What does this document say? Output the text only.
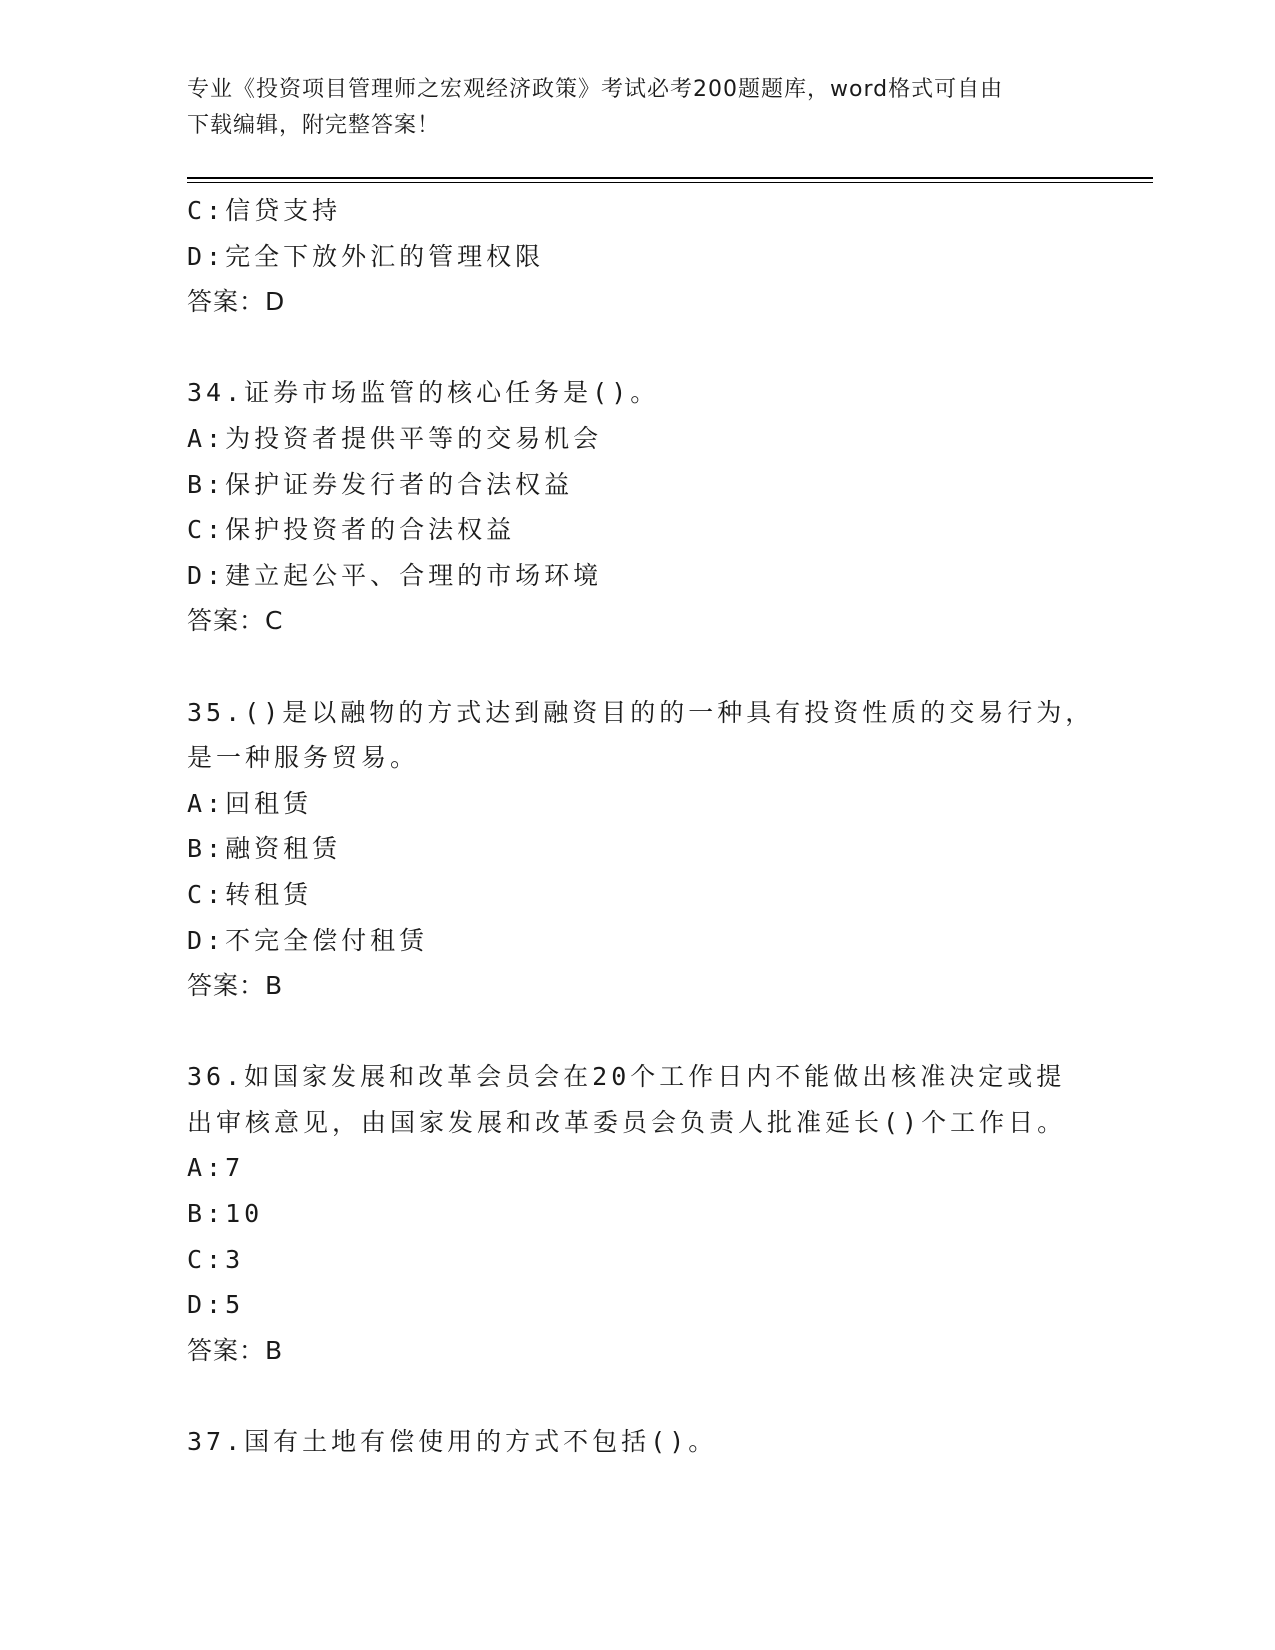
专业《投资项目管理师之宏观经济政策》考试必考200题题库，word格式可自由
下载编辑，附完整答案！
C:信贷支持
D:完全下放外汇的管理权限
答案：D
34.证券市场监管的核心任务是()。
A:为投资者提供平等的交易机会
B:保护证券发行者的合法权益
C:保护投资者的合法权益
D:建立起公平、合理的市场环境
答案：C
35.()是以融物的方式达到融资目的的一种具有投资性质的交易行为，
是一种服务贸易。
A:回租赁
B:融资租赁
C:转租赁
D:不完全偿付租赁
答案：B
36.如国家发展和改革会员会在20个工作日内不能做出核准决定或提
出审核意见，由国家发展和改革委员会负责人批准延长()个工作日。
A:7
B:10
C:3
D:5
答案：B
37.国有土地有偿使用的方式不包括()。
